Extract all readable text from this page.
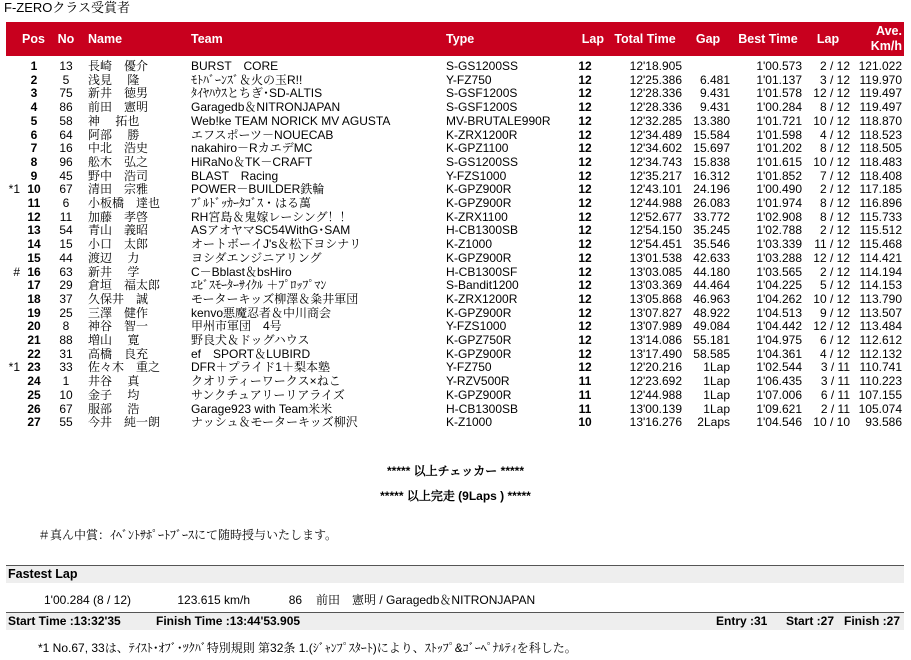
F-ZEROクラス受賞者
	Pos	No	Name	Team	Type	Lap	Total Time	Gap	Best Time	Lap	Ave.
Km/h
	1	13	長崎　優介	BURST　CORE	S-GS1200SS	12	12'18.905		1'00.573	2 / 12	121.022
	2	5	浅見　 隆	ﾓﾄﾊﾞｰﾝｽﾞ＆火の玉R!!	Y-FZ750	12	12'25.386	6.481	1'01.137	3 / 12	119.970
	3	75	新井　徳男	ﾀｲﾔﾊｳｽとちぎ･SD-ALTIS	S-GSF1200S	12	12'28.336	9.431	1'01.578	12 / 12	119.497
	4	86	前田　憲明	Garagedb＆NITRONJAPAN	S-GSF1200S	12	12'28.336	9.431	1'00.284	8 / 12	119.497
	5	58	神　 拓也	Web!ke TEAM NORICK MV AGUSTA	MV-BRUTALE990R	12	12'32.285	13.380	1'01.721	10 / 12	118.870
	6	64	阿部　 勝	エフスポーツ－NOUECAB	K-ZRX1200R	12	12'34.489	15.584	1'01.598	4 / 12	118.523
	7	16	中北　浩史	nakahiro－RカエデMC	K-GPZ1100	12	12'34.602	15.697	1'01.202	8 / 12	118.505
	8	96	舩木　弘之	HiRaNo＆TK－CRAFT	S-GS1200SS	12	12'34.743	15.838	1'01.615	10 / 12	118.483
	9	45	野中　浩司	BLAST　Racing	Y-FZS1000	12	12'35.217	16.312	1'01.852	7 / 12	118.408
*1	10	67	清田　宗雅	POWER－BUILDER鉄輪	K-GPZ900R	12	12'43.101	24.196	1'00.490	2 / 12	117.185
	11	6	小板橋　達也	ﾌﾞﾙﾄﾞｯｶｰﾀｺﾞｽ・はる萬	K-GPZ900R	12	12'44.988	26.083	1'01.974	8 / 12	116.896
	12	11	加藤　孝啓	RH宮島＆鬼嫁レーシング！！	K-ZRX1100	12	12'52.677	33.772	1'02.908	8 / 12	115.733
	13	54	青山　義昭	ASアオヤマSC54WithG･SAM	H-CB1300SB	12	12'54.150	35.245	1'02.788	2 / 12	115.512
	14	15	小口　太郎	オートボーイJ's＆松下ヨシナリ	K-Z1000	12	12'54.451	35.546	1'03.339	11 / 12	115.468
	15	44	渡辺　 力	ヨシダエンジニアリング	K-GPZ900R	12	13'01.538	42.633	1'03.288	12 / 12	114.421
#	16	63	新井　 学	C－Bblast＆bsHiro	H-CB1300SF	12	13'03.085	44.180	1'03.565	2 / 12	114.194
	17	29	倉垣　福太郎	ｴﾋﾞｽﾓｰﾀｰｻｲｸﾙ ＋ﾌﾟﾛｯﾌﾟﾏﾝ	S-Bandit1200	12	13'03.369	44.464	1'04.225	5 / 12	114.153
	18	37	久保井　誠	モーターキッズ柳澤＆粂井軍団	K-ZRX1200R	12	13'05.868	46.963	1'04.262	10 / 12	113.790
	19	25	三澤　健作	kenvo悪魔忍者＆中川商会	K-GPZ900R	12	13'07.827	48.922	1'04.513	9 / 12	113.507
	20	8	神谷　智一	甲州市軍団　4号	Y-FZS1000	12	13'07.989	49.084	1'04.442	12 / 12	113.484
	21	88	増山　 寛	野良犬＆ドッグハウス	K-GPZ750R	12	13'14.086	55.181	1'04.975	6 / 12	112.612
	22	31	高橋　良充	ef　SPORT＆LUBIRD	K-GPZ900R	12	13'17.490	58.585	1'04.361	4 / 12	112.132
*1	23	33	佐々木　重之	DFR＋プライド1＋梨本塾	Y-FZ750	12	12'20.216	1Lap	1'02.544	3 / 11	110.741
	24	1	井谷　 真	クオリティーワークス×ねこ	Y-RZV500R	11	12'23.692	1Lap	1'06.435	3 / 11	110.223
	25	10	金子　 均	サンクチュアリーリアライズ	K-GPZ900R	11	12'44.988	1Lap	1'07.006	6 / 11	107.155
	26	67	服部　 浩	Garage923 with Team米米	H-CB1300SB	11	13'00.139	1Lap	1'09.621	2 / 11	105.074
	27	55	今井　純一朗	ナッシュ＆モーターキッズ柳沢	K-Z1000	10	13'16.276	2Laps	1'04.546	10 / 10	93.586
***** 以上チェッカー *****
***** 以上完走 (9Laps ) *****
＃真ん中賞：ｲﾍﾞﾝﾄｻﾎﾟｰﾄﾌﾞｰｽにて随時授与いたします。
Fastest Lap
1'00.284 (8 / 12)	123.615 km/h	86 前田　憲明 / Garagedb＆NITRONJAPAN
Start Time :13:32'35	Finish Time :13:44'53.905	Entry :31 Start :27 Finish :27
*1 No.67, 33は、ﾃｲｽﾄ･ｵﾌﾞ･ﾂｸﾊﾞ特別規則 第32条 1.(ｼﾞｬﾝﾌﾟｽﾀｰﾄ)により、ｽﾄｯﾌﾟ&ｺﾞｰﾍﾟﾅﾙﾃｨを科した。
